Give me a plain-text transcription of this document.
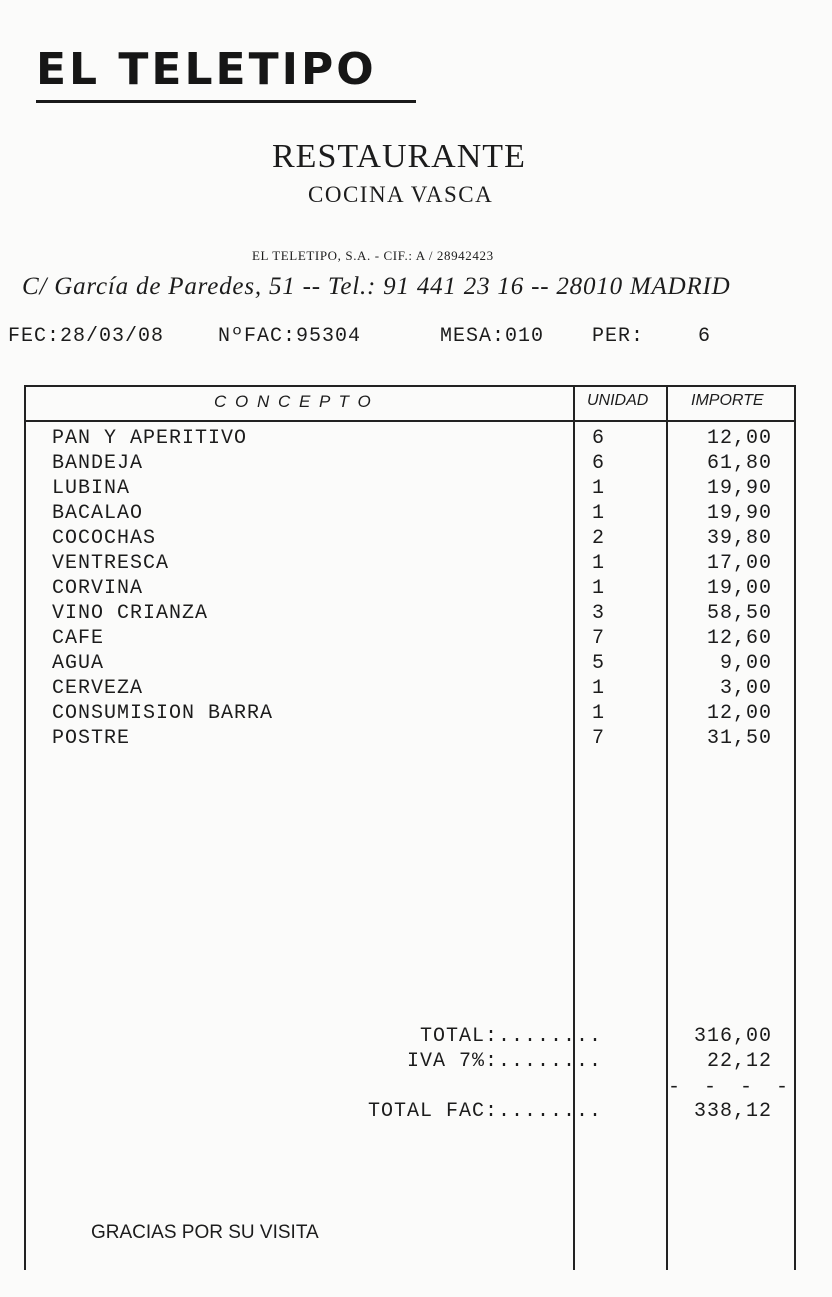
EL TELETIPO
RESTAURANTE
COCINA VASCA
EL TELETIPO, S.A. - CIF.: A / 28942423
C/ García de Paredes, 51 -- Tel.: 91 441 23 16 -- 28010 MADRID
FEC:28/03/08	NºFAC:95304	MESA:010 PER:	6
C O N C E P T O	UNIDAD	IMPORTE
PAN Y APERITIVO	6	12,00
BANDEJA	6	61,80
LUBINA	1	19,90
BACALAO	1	19,90
COCOCHAS	2	39,80
VENTRESCA	1	17,00
CORVINA	1	19,00
VINO CRIANZA	3	58,50
CAFE	7	12,60
AGUA	5	9,00
CERVEZA	1	3,00
CONSUMISION BARRA	1	12,00
POSTRE	7	31,50
TOTAL:........	316,00
IVA 7%:........	22,12
- - - -
TOTAL FAC:........	338,12
GRACIAS POR SU VISITA
